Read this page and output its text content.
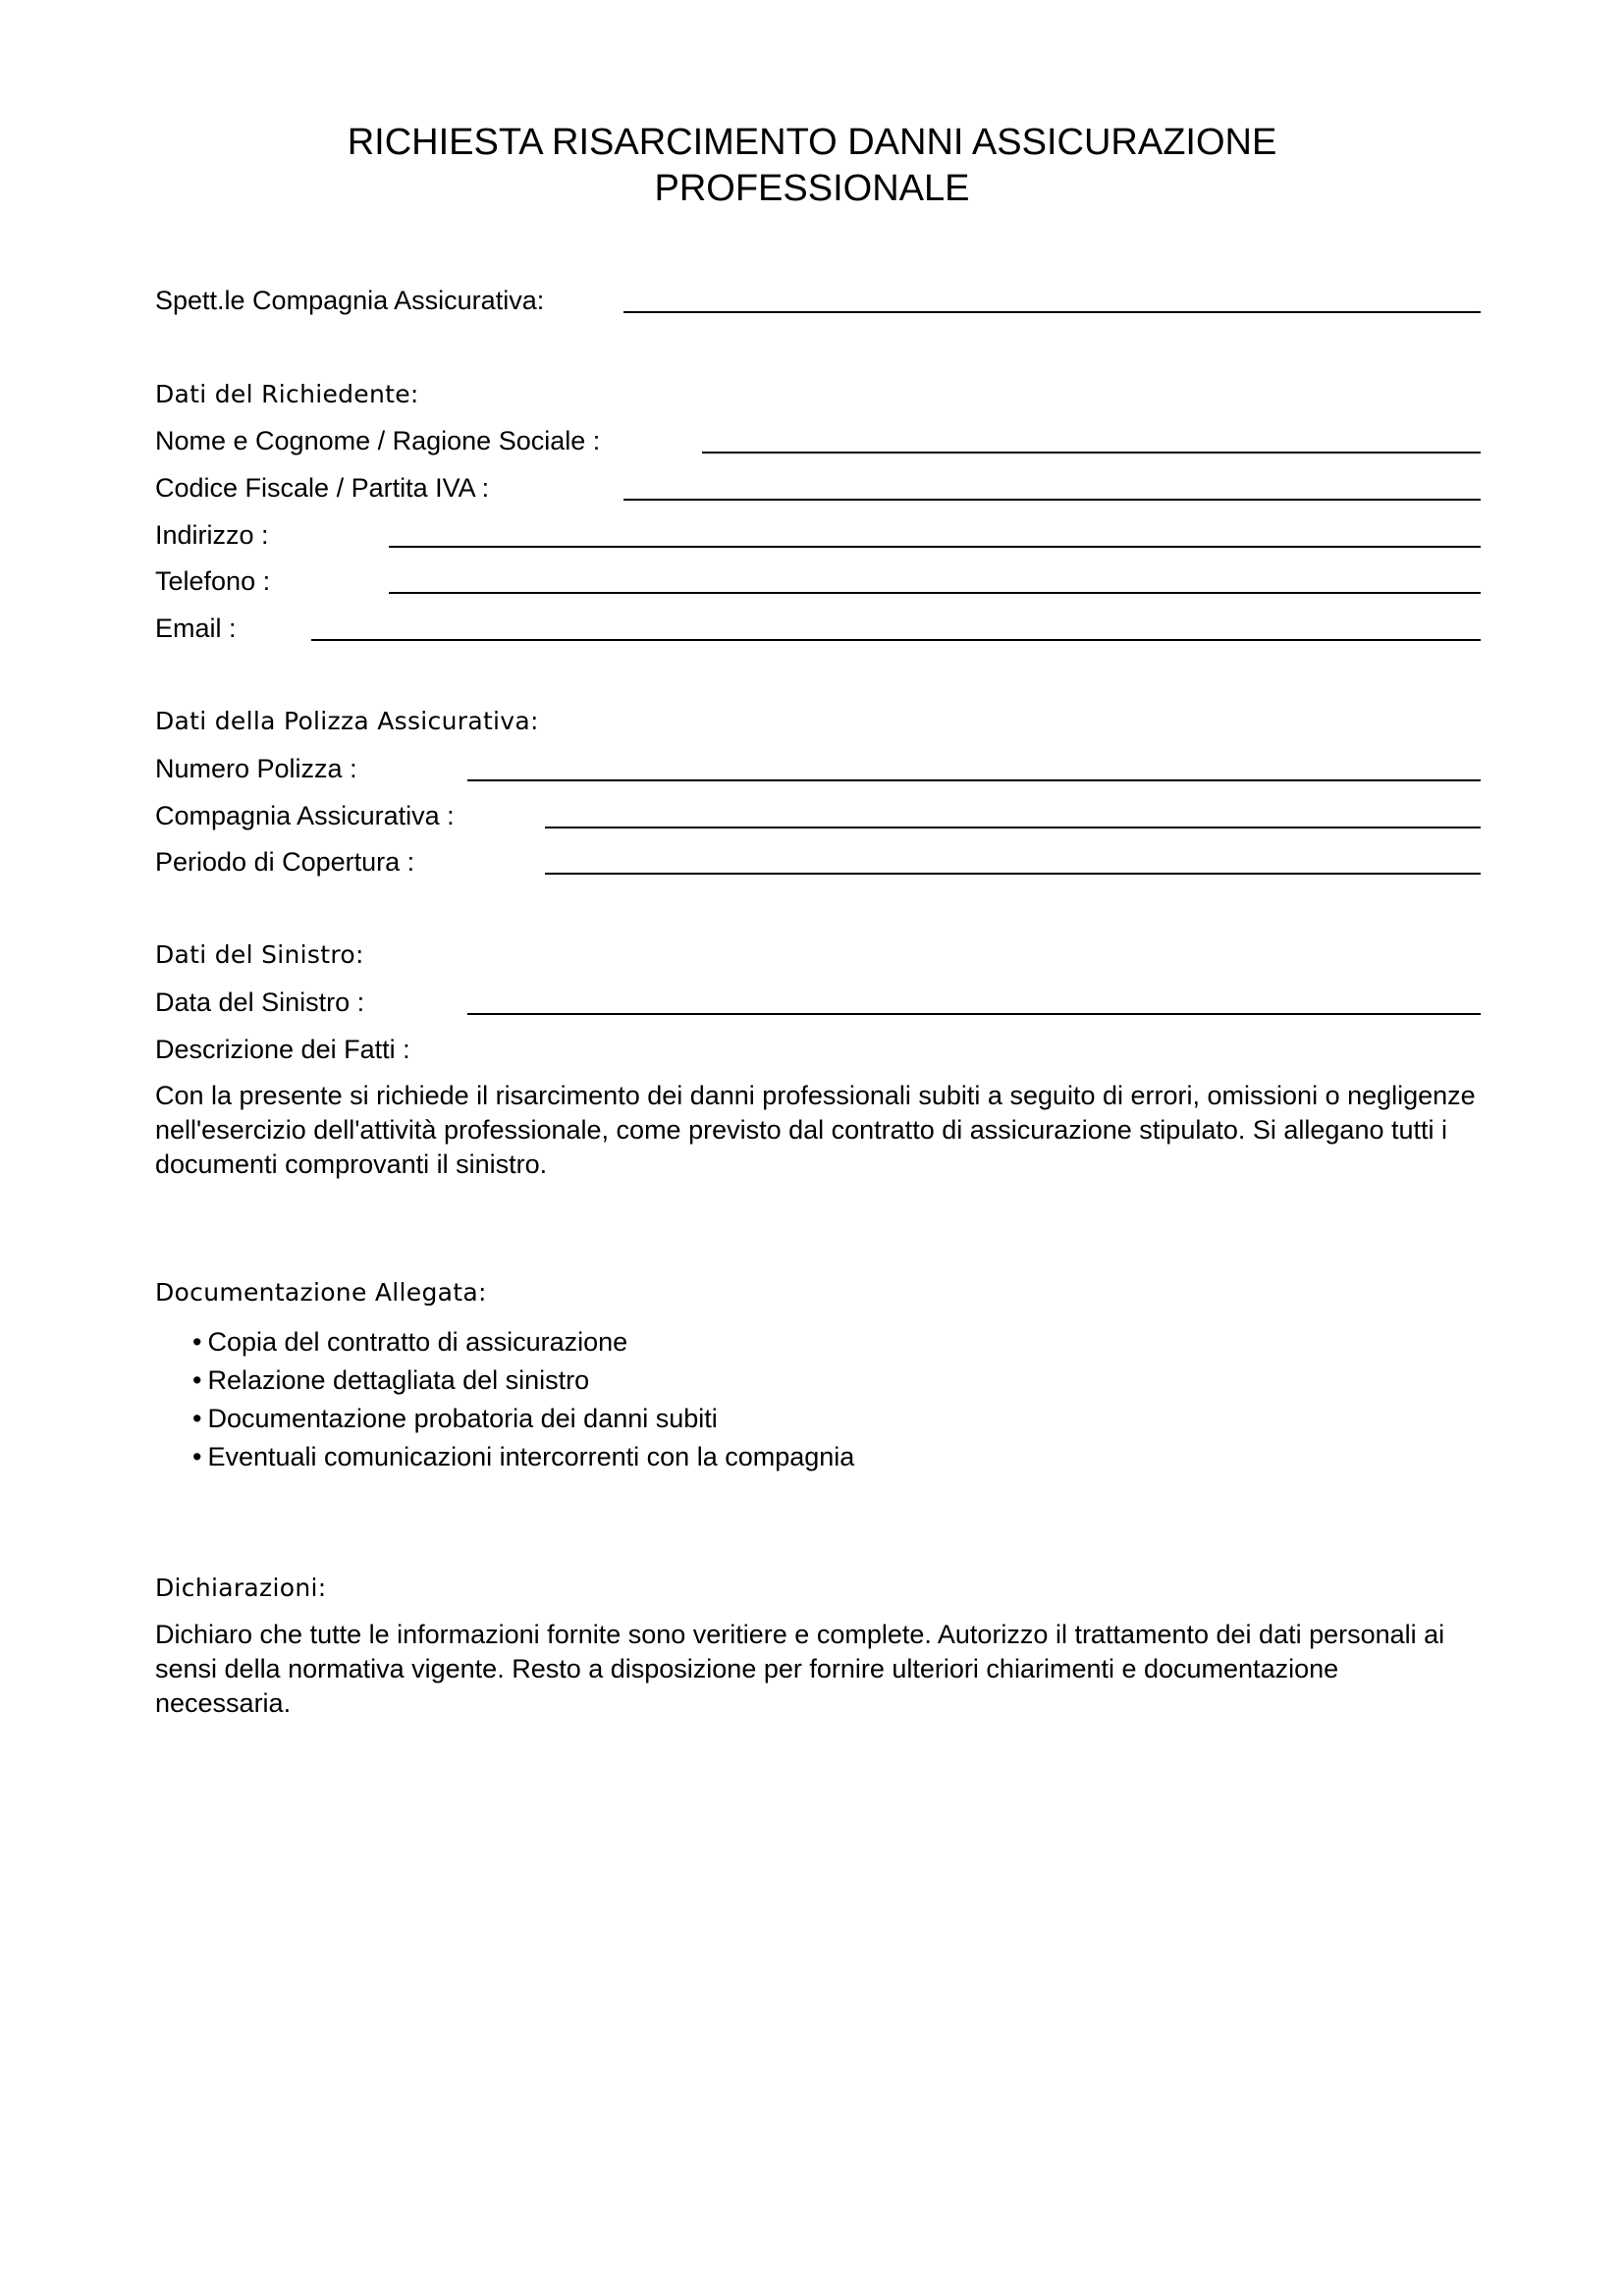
RICHIESTA RISARCIMENTO DANNI ASSICURAZIONE
PROFESSIONALE
Spett.le Compagnia Assicurativa:
Dati del Richiedente:
Nome e Cognome / Ragione Sociale :
Codice Fiscale / Partita IVA :
Indirizzo :
Telefono :
Email :
Dati della Polizza Assicurativa:
Numero Polizza :
Compagnia Assicurativa :
Periodo di Copertura :
Dati del Sinistro:
Data del Sinistro :
Descrizione dei Fatti :

Con la presente si richiede il risarcimento dei danni professionali subiti a seguito di errori, omissioni o negligenze nell'esercizio dell'attività professionale, come previsto dal contratto di assicurazione stipulato. Si allegano tutti i documenti comprovanti il sinistro.

Documentazione Allegata:
• Copia del contratto di assicurazione
• Relazione dettagliata del sinistro
• Documentazione probatoria dei danni subiti
• Eventuali comunicazioni intercorrenti con la compagnia
Dichiarazioni:

Dichiaro che tutte le informazioni fornite sono veritiere e complete. Autorizzo il trattamento dei dati personali ai sensi della normativa vigente. Resto a disposizione per fornire ulteriori chiarimenti e documentazione necessaria.
